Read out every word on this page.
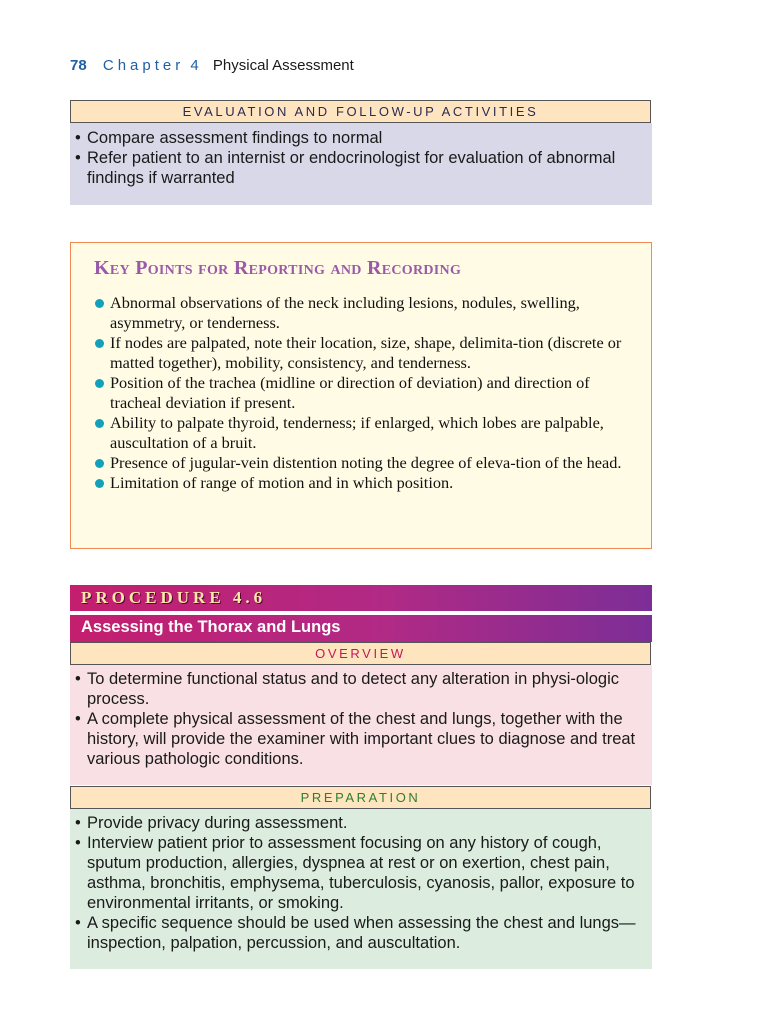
78 Chapter 4 Physical Assessment
EVALUATION AND FOLLOW-UP ACTIVITIES
• Compare assessment findings to normal
• Refer patient to an internist or endocrinologist for evaluation of abnormal findings if warranted
Key Points for Reporting and Recording
Abnormal observations of the neck including lesions, nodules, swelling, asymmetry, or tenderness.
If nodes are palpated, note their location, size, shape, delimita-tion (discrete or matted together), mobility, consistency, and tenderness.
Position of the trachea (midline or direction of deviation) and direction of tracheal deviation if present.
Ability to palpate thyroid, tenderness; if enlarged, which lobes are palpable, auscultation of a bruit.
Presence of jugular-vein distention noting the degree of eleva-tion of the head.
Limitation of range of motion and in which position.
PROCEDURE 4.6
Assessing the Thorax and Lungs
OVERVIEW
• To determine functional status and to detect any alteration in physi-ologic process.
• A complete physical assessment of the chest and lungs, together with the history, will provide the examiner with important clues to diagnose and treat various pathologic conditions.
PREPARATION
• Provide privacy during assessment.
• Interview patient prior to assessment focusing on any history of cough, sputum production, allergies, dyspnea at rest or on exertion, chest pain, asthma, bronchitis, emphysema, tuberculosis, cyanosis, pallor, exposure to environmental irritants, or smoking.
• A specific sequence should be used when assessing the chest and lungs—inspection, palpation, percussion, and auscultation.
